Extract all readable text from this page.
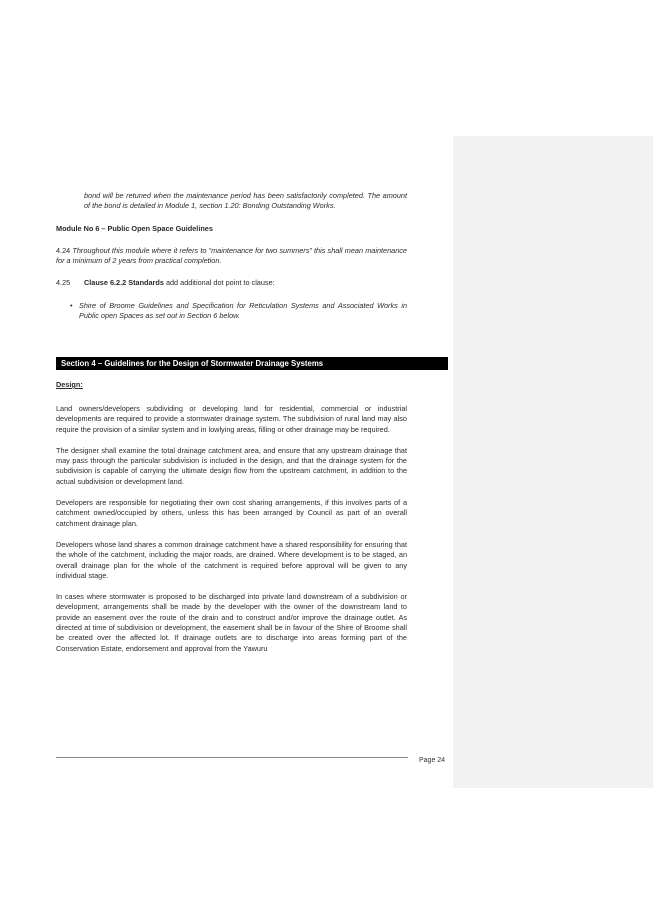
bond will be retuned when the maintenance period has been satisfactorily completed. The amount of the bond is detailed in Module 1, section 1.20: Bonding Outstanding Works.

Module No 6 – Public Open Space Guidelines

4.24 Throughout this module where it refers to “maintenance for two summers” this shall mean maintenance for a minimum of 2 years from practical completion.

4.25 Clause 6.2.2 Standards add additional dot point to clause:

• Shire of Broome Guidelines and Specification for Reticulation Systems and Associated Works in Public open Spaces as set out in Section 6 below.

Section 4 – Guidelines for the Design of Stormwater Drainage Systems
Design:

Land owners/developers subdividing or developing land for residential, commercial or industrial developments are required to provide a stormwater drainage system. The subdivision of rural land may also require the provision of a similar system and in lowlying areas, filling or other drainage may be required.

The designer shall examine the total drainage catchment area, and ensure that any upstream drainage that may pass through the particular subdivision is included in the design, and that the drainage system for the subdivision is capable of carrying the ultimate design flow from the upstream catchment, in addition to the actual subdivision or development land.

Developers are responsible for negotiating their own cost sharing arrangements, if this involves parts of a catchment owned/occupied by others, unless this has been arranged by Council as part of an overall catchment drainage plan.

Developers whose land shares a common drainage catchment have a shared responsibility for ensuring that the whole of the catchment, including the major roads, are drained. Where development is to be staged, an overall drainage plan for the whole of the catchment is required before approval will be given to any individual stage.

In cases where stormwater is proposed to be discharged into private land downstream of a subdivision or development, arrangements shall be made by the developer with the owner of the downstream land to provide an easement over the route of the drain and to construct and/or improve the drainage outlet. As directed at time of subdivision or development, the easement shall be in favour of the Shire of Broome shall be created over the affected lot. If drainage outlets are to discharge into areas forming part of the Conservation Estate, endorsement and approval from the Yawuru

Page 24
